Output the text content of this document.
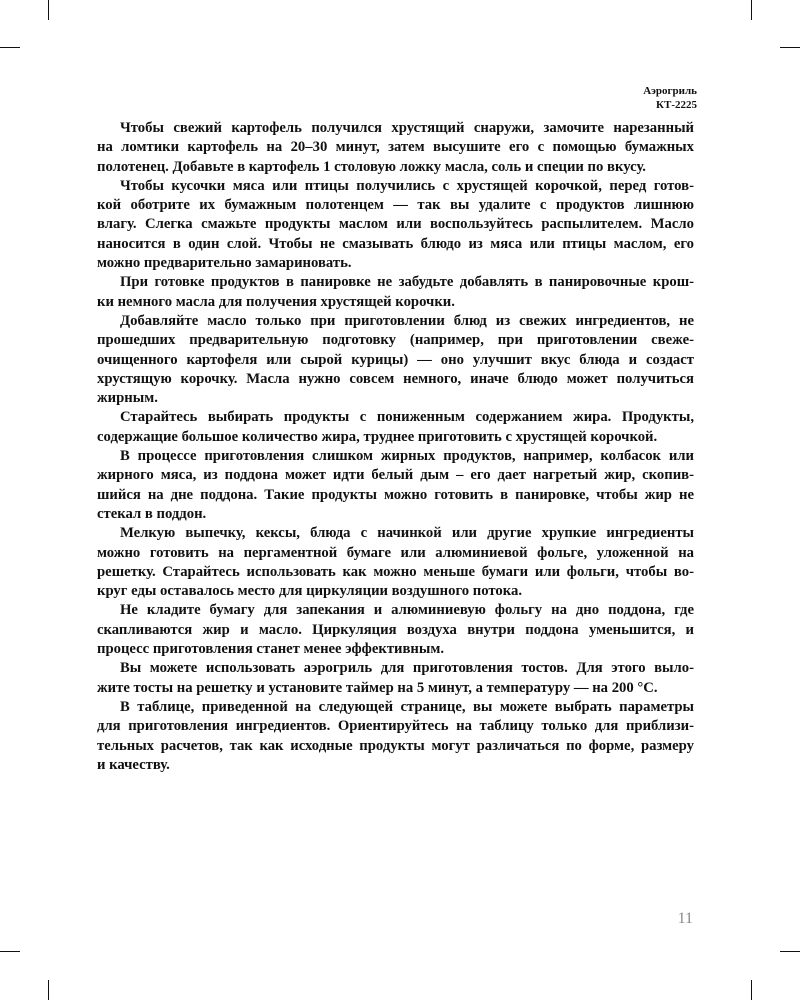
Аэрогриль
КТ-2225

Чтобы свежий картофель получился хрустящий снаружи, замочите нарезанный
на ломтики картофель на 20–30 минут, затем высушите его с помощью бумажных
полотенец. Добавьте в картофель 1 столовую ложку масла, соль и специи по вкусу.

Чтобы кусочки мяса или птицы получились с хрустящей корочкой, перед готов-
кой оботрите их бумажным полотенцем — так вы удалите с продуктов лишнюю
влагу. Слегка смажьте продукты маслом или воспользуйтесь распылителем. Масло
наносится в один слой. Чтобы не смазывать блюдо из мяса или птицы маслом, его
можно предварительно замариновать.

При готовке продуктов в панировке не забудьте добавлять в панировочные крош-
ки немного масла для получения хрустящей корочки.

Добавляйте масло только при приготовлении блюд из свежих ингредиентов, не
прошедших предварительную подготовку (например, при приготовлении свеже-
очищенного картофеля или сырой курицы) — оно улучшит вкус блюда и создаст
хрустящую корочку. Масла нужно совсем немного, иначе блюдо может получиться
жирным.

Старайтесь выбирать продукты с пониженным содержанием жира. Продукты,
содержащие большое количество жира, труднее приготовить с хрустящей корочкой.

В процессе приготовления слишком жирных продуктов, например, колбасок или
жирного мяса, из поддона может идти белый дым – его дает нагретый жир, скопив-
шийся на дне поддона. Такие продукты можно готовить в панировке, чтобы жир не
стекал в поддон.

Мелкую выпечку, кексы, блюда с начинкой или другие хрупкие ингредиенты
можно готовить на пергаментной бумаге или алюминиевой фольге, уложенной на
решетку. Старайтесь использовать как можно меньше бумаги или фольги, чтобы во-
круг еды оставалось место для циркуляции воздушного потока.

Не кладите бумагу для запекания и алюминиевую фольгу на дно поддона, где
скапливаются жир и масло. Циркуляция воздуха внутри поддона уменьшится, и
процесс приготовления станет менее эффективным.

Вы можете использовать аэрогриль для приготовления тостов. Для этого выло-
жите тосты на решетку и установите таймер на 5 минут, а температуру — на 200 °C.

В таблице, приведенной на следующей странице, вы можете выбрать параметры
для приготовления ингредиентов. Ориентируйтесь на таблицу только для приблизи-
тельных расчетов, так как исходные продукты могут различаться по форме, размеру
и качеству.

11
